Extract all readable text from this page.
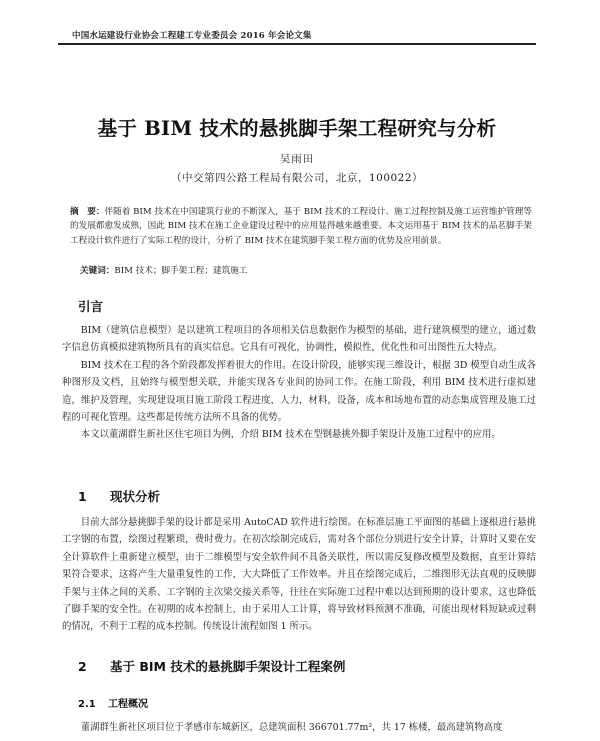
中国水运建设行业协会工程建工专业委员会 2016 年会论文集
基于 BIM 技术的悬挑脚手架工程研究与分析
吴雨田
（中交第四公路工程局有限公司，北京，100022）
摘　要：伴随着 BIM 技术在中国建筑行业的不断深入，基于 BIM 技术的工程设计、施工过程控制及施工运营维护管理等的发展都愈发成熟，因此 BIM 技术在施工企业建设过程中的应用显得越来越重要。本文运用基于 BIM 技术的品茗脚手架工程设计软件进行了实际工程的设计，分析了 BIM 技术在建筑脚手架工程方面的优势及应用前景。
关键词：BIM 技术；脚手架工程；建筑施工
引言

BIM（建筑信息模型）是以建筑工程项目的各项相关信息数据作为模型的基础，进行建筑模型的建立，通过数字信息仿真模拟建筑物所具有的真实信息。它具有可视化，协调性，模拟性，优化性和可出图性五大特点。

BIM 技术在工程的各个阶段都发挥着很大的作用。在设计阶段，能够实现三维设计，根据 3D 模型自动生成各种图形及文档，且始终与模型想关联，并能实现各专业间的协同工作。在施工阶段，利用 BIM 技术进行虚拟建造，维护及管理，实现建设项目施工阶段工程进度，人力，材料，设备，成本和场地布置的动态集成管理及施工过程的可视化管理。这些都是传统方法所不具备的优势。

本文以董湖群生新社区住宅项目为例，介绍 BIM 技术在型钢悬挑外脚手架设计及施工过程中的应用。

1 现状分析

目前大部分悬挑脚手架的设计都是采用 AutoCAD 软件进行绘图。在标准层施工平面图的基础上逐根进行悬挑工字钢的布置，绘图过程繁琐，费时费力。在初次绘制完成后，需对各个部位分别进行安全计算，计算时又要在安全计算软件上重新建立模型，由于二维模型与安全软件间不具备关联性，所以需反复修改模型及数据，直至计算结果符合要求，这将产生大量重复性的工作，大大降低了工作效率。并且在绘图完成后，二维图形无法直观的反映脚手架与主体之间的关系、工字钢的主次梁交接关系等，往往在实际施工过程中难以达到预期的设计要求，这也降低了脚手架的安全性。在初期的成本控制上，由于采用人工计算，将导致材料预测不准确，可能出现材料短缺或过剩的情况，不利于工程的成本控制。传统设计流程如图 1 所示。

2 基于 BIM 技术的悬挑脚手架设计工程案例
2.1 工程概况

董湖群生新社区项目位于孝感市东城新区，总建筑面积 366701.77m²，共 17 栋楼，最高建筑物高度
